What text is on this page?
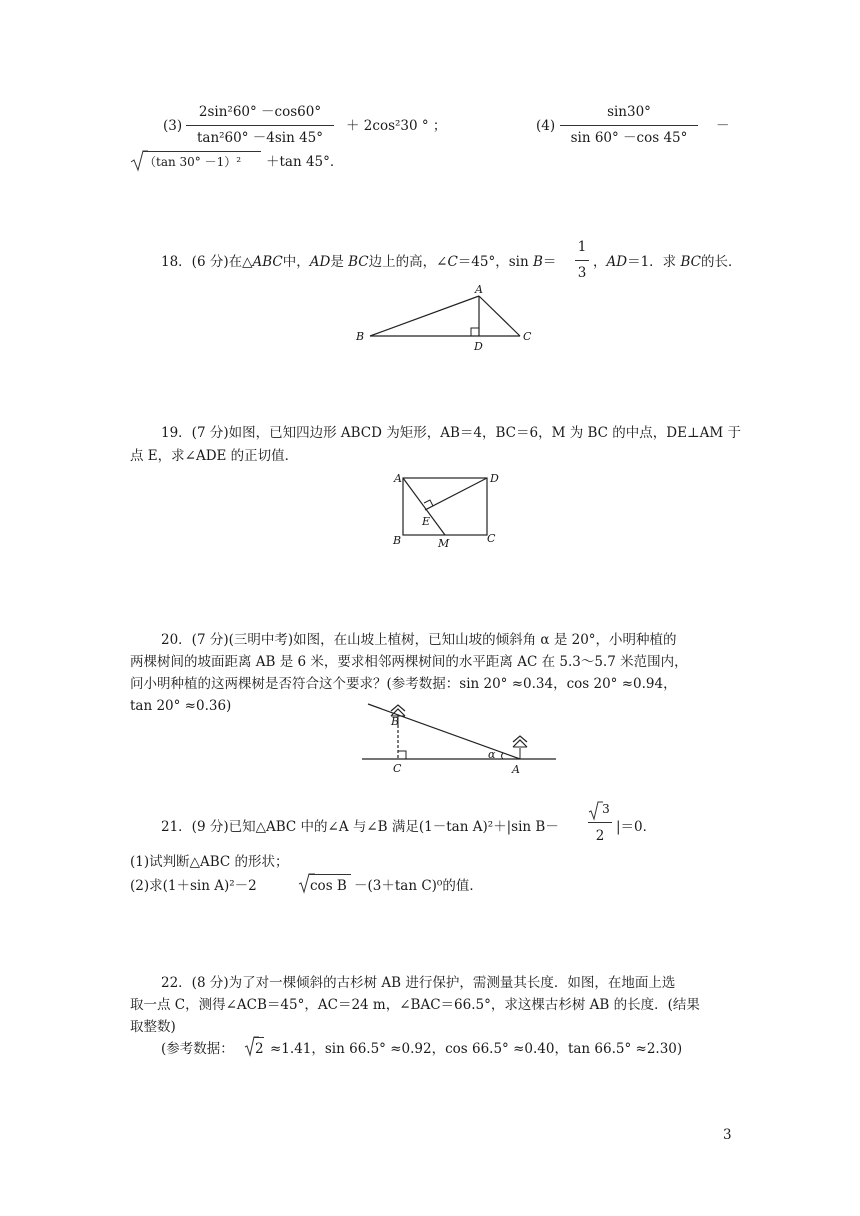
(3)
2sin²60° －cos60°
tan²60° －4sin 45°
＋ 2cos²30 ° ；	(4)
sin30°
sin 60° －cos 45°
－
（tan 30° －1）² ＋tan 45°．
18．(6 分)在△ABC中，AD是 BC边上的高，∠C＝45°，sin B＝
1
3
，AD＝1．求 BC的长．
A
B	C
D
19．(7 分)如图，已知四边形 ABCD 为矩形，AB＝4，BC＝6，M 为 BC 的中点，DE⊥AM 于
点 E，求∠ADE 的正切值．
A	D
B	C
E
M
20．(7 分)(三明中考)如图，在山坡上植树，已知山坡的倾斜角 α 是 20°，小明种植的
两棵树间的坡面距离 AB 是 6 米，要求相邻两棵树间的水平距离 AC 在 5.3～5.7 米范围内，
问小明种植的这两棵树是否符合这个要求？(参考数据：sin 20° ≈0.34，cos 20° ≈0.94，
tan 20° ≈0.36)
B
C	A
α
21．(9 分)已知△ABC 中的∠A 与∠B 满足(1－tan A)²＋|sin B－
3
2
|＝0．
(1)试判断△ABC 的形状；
(2)求(1＋sin A)²－2	cos B －(3＋tan C)⁰的值．
22．(8 分)为了对一棵倾斜的古杉树 AB 进行保护，需测量其长度．如图，在地面上选
取一点 C，测得∠ACB＝45°，AC＝24 m，∠BAC＝66.5°，求这棵古杉树 AB 的长度．(结果
取整数)
(参考数据： 2 ≈1.41，sin 66.5° ≈0.92，cos 66.5° ≈0.40，tan 66.5° ≈2.30)
3
